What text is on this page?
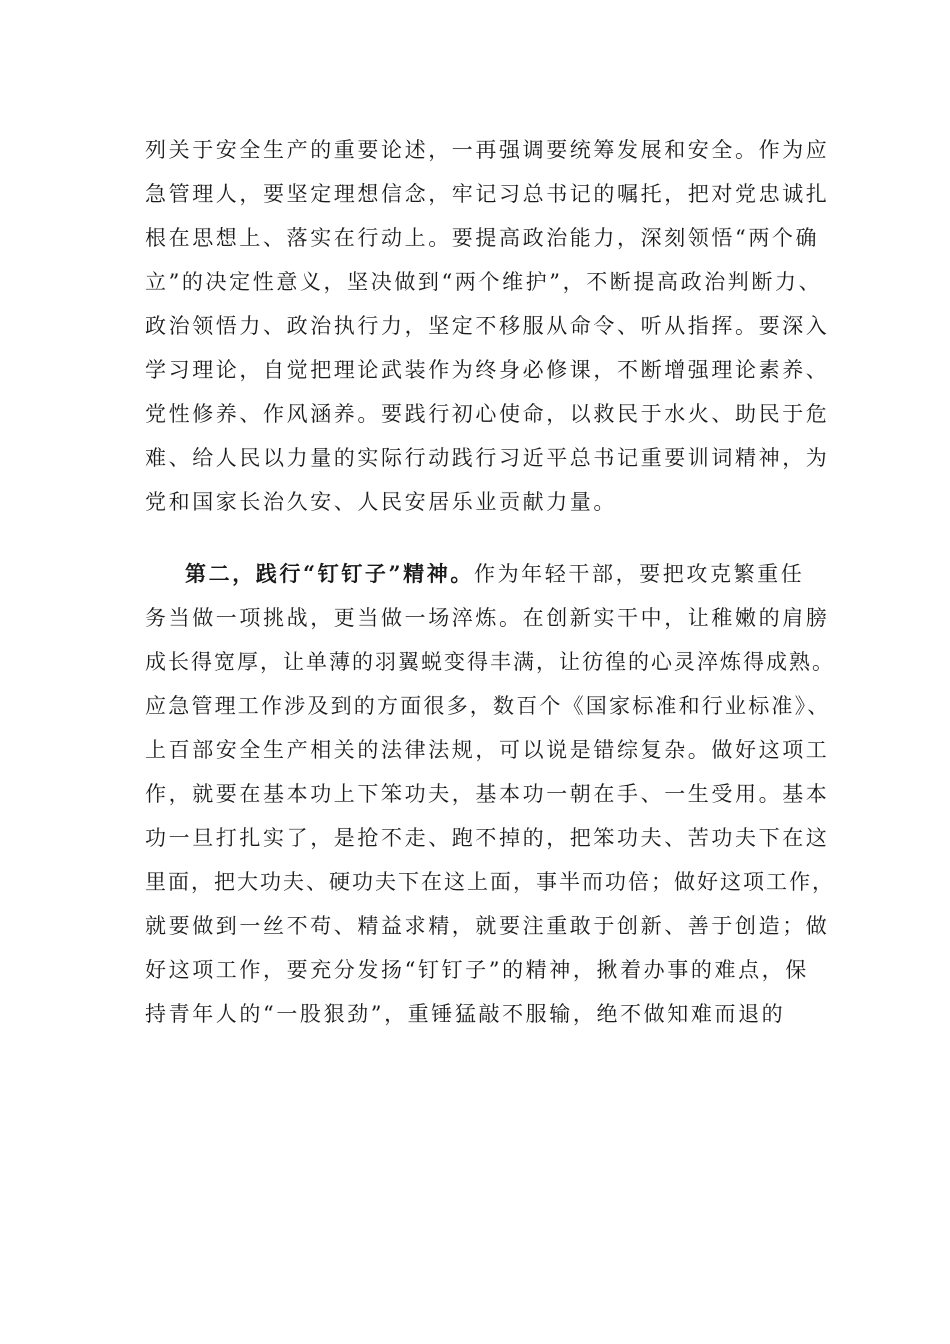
列关于安全生产的重要论述，一再强调要统筹发展和安全。作为应
急管理人，要坚定理想信念，牢记习总书记的嘱托，把对党忠诚扎
根在思想上、落实在行动上。要提高政治能力，深刻领悟“两个确
立”的决定性意义，坚决做到“两个维护”，不断提高政治判断力、
政治领悟力、政治执行力，坚定不移服从命令、听从指挥。要深入
学习理论，自觉把理论武装作为终身必修课，不断增强理论素养、
党性修养、作风涵养。要践行初心使命，以救民于水火、助民于危
难、给人民以力量的实际行动践行习近平总书记重要训词精神，为
党和国家长治久安、人民安居乐业贡献力量。
第二，践行“钉钉子”精神。作为年轻干部，要把攻克繁重任
务当做一项挑战，更当做一场淬炼。在创新实干中，让稚嫩的肩膀
成长得宽厚，让单薄的羽翼蜕变得丰满，让彷徨的心灵淬炼得成熟。
应急管理工作涉及到的方面很多，数百个《国家标准和行业标准》、
上百部安全生产相关的法律法规，可以说是错综复杂。做好这项工
作，就要在基本功上下笨功夫，基本功一朝在手、一生受用。基本
功一旦打扎实了，是抢不走、跑不掉的，把笨功夫、苦功夫下在这
里面，把大功夫、硬功夫下在这上面，事半而功倍；做好这项工作，
就要做到一丝不苟、精益求精，就要注重敢于创新、善于创造；做
好这项工作，要充分发扬“钉钉子”的精神，揪着办事的难点，保
持青年人的“一股狠劲”，重锤猛敲不服输，绝不做知难而退的
